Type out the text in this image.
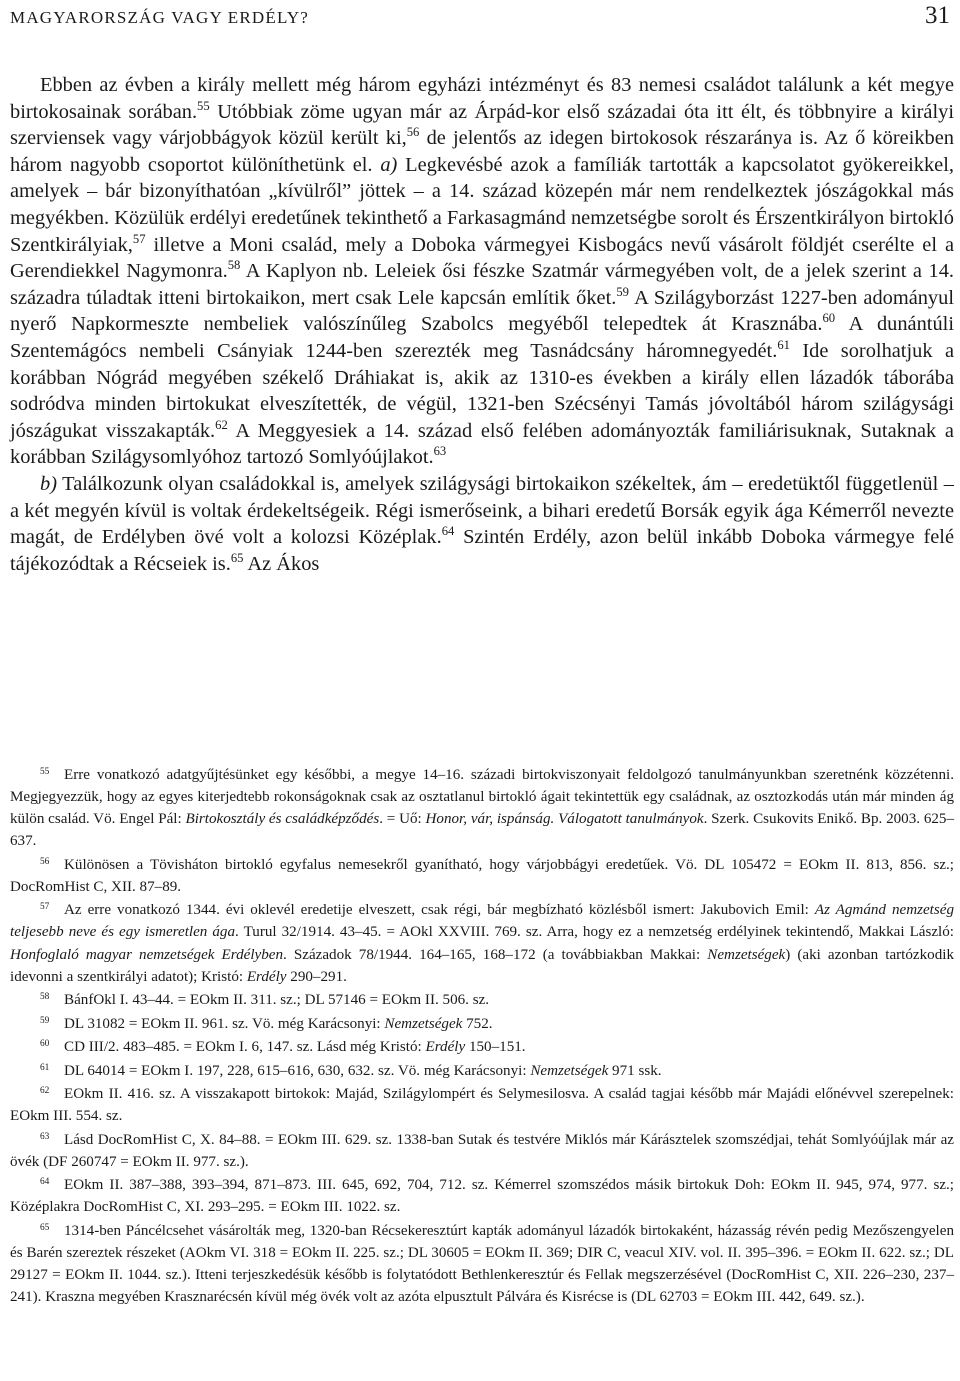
MAGYARORSZÁG VAGY ERDÉLY?	31

Ebben az évben a király mellett még három egyházi intézményt és 83 nemesi családot találunk a két megye birtokosainak sorában.$^{55}$ Utóbbiak zöme ugyan már az Árpád-kor első százаdai óta itt élt, és többnyire a királyi szerviensek vagy várjobbágyok közül került ki,$^{56}$ de jelentős az idegen birtokosok részaránya is. Az ő köreikben három nagyobb csoportot különíthetünk el. a) Legkevésbé azok a famíliák tartották a kapcsolatot gyökereikkel, amelyek – bár bizonyíthatóan „kívülről” jöttek – a 14. század közepén már nem rendelkeztek jószágokkal más megyékben. Közülük erdélyi eredetűnek tekinthető a Farkasagmánd nemzetségbe sorolt és Érszentkirályon birtokló Szentkirályiak,$^{57}$ illetve a Moni család, mely a Doboka vármegyei Kisbogács nevű vásárolt földjét cserélte el a Gerendiekkel Nagymonra.$^{58}$ A Kaplyon nb. Leleiek ősi fészke Szatmár vármegyében volt, de a jelek szerint a 14. századra túladtak itteni birtokaikon, mert csak Lele kapcsán említik őket.$^{59}$ A Szilágyborzást 1227-ben adományul nyerő Napkormeszte nembeliek valószínűleg Szabolcs megyéből telepedtek át Krasznába.$^{60}$ A dunántúli Szentemágócs nembeli Csányiak 1244-ben szerezték meg Tasnádcsány háromnegyedét.$^{61}$ Ide sorolhatjuk a korábban Nógrád megyében székelő Dráhiakat is, akik az 1310-es években a király ellen lázadók táborába sodródva minden birtokukat elveszítették, de végül, 1321-ben Szécsényi Tamás jóvoltából három szilágysági jószágukat visszakapták.$^{62}$ A Meggyesiek a 14. század első felében adományozták familiárisuknak, Sutaknak a korábban Szilágysomlyóhoz tartozó Somlyóújlakot.$^{63}$

b) Találkozunk olyan családokkal is, amelyek szilágysági birtokaikon székeltek, ám – eredetüktől függetlenül – a két megyén kívül is voltak érdekeltségeik. Régi ismerőseink, a bihari eredetű Borsák egyik ága Kémerről nevezte magát, de Erdélyben övé volt a kolozsi Középlak.$^{64}$ Szintén Erdély, azon belül inkább Doboka vármegye felé tájékozódtak a Récseiek is.$^{65}$ Az Ákos

$^{55}$ Erre vonatkozó adatgyűjtésünket egy későbbi, a megye 14–16. századi birtokviszonyait feldolgozó tanulmányunkban szeretnénk közzétenni. Megjegyezzük, hogy az egyes kiterjedtebb rokonságoknak csak az osztatlanul birtokló ágait tekintettük egy családnak, az osztozkodás után már minden ág külön család. Vö. Engel Pál: Birtokosztály és családképződés. = Uő: Honor, vár, ispánság. Válogatott tanulmányok. Szerk. Csukovits Enikő. Bp. 2003. 625–637.

$^{56}$ Különösen a Tövisháton birtokló egyfalus nemesekről gyanítható, hogy várjobbágyi eredetűek. Vö. DL 105472 = EOkm II. 813, 856. sz.; DocRomHist C, XII. 87–89.

$^{57}$ Az erre vonatkozó 1344. évi oklevél eredetije elveszett, csak régi, bár megbízható közlésből ismert: Jakubovich Emil: Az Agmánd nemzetség teljesebb neve és egy ismeretlen ága. Turul 32/1914. 43–45. = AOkl XXVIII. 769. sz. Arra, hogy ez a nemzetség erdélyinek tekintendő, Makkai László: Honfoglaló magyar nemzetségek Erdélyben. Századok 78/1944. 164–165, 168–172 (a továbbiakban Makkai: Nemzetségek) (aki azonban tartózkodik idevonni a szentkirályi adatot); Kristó: Erdély 290–291.

$^{58}$ BánfOkl I. 43–44. = EOkm II. 311. sz.; DL 57146 = EOkm II. 506. sz.

$^{59}$ DL 31082 = EOkm II. 961. sz. Vö. még Karácsonyi: Nemzetségek 752.

$^{60}$ CD III/2. 483–485. = EOkm I. 6, 147. sz. Lásd még Kristó: Erdély 150–151.

$^{61}$ DL 64014 = EOkm I. 197, 228, 615–616, 630, 632. sz. Vö. még Karácsonyi: Nemzetségek 971 ssk.

$^{62}$ EOkm II. 416. sz. A visszakapott birtokok: Majád, Szilágylompért és Selymesilosva. A család tagjai később már Majádi előnévvel szerepelnek: EOkm III. 554. sz.

$^{63}$ Lásd DocRomHist C, X. 84–88. = EOkm III. 629. sz. 1338-ban Sutak és testvére Miklós már Kárásztelek szomszédjai, tehát Somlyóújlak már az övék (DF 260747 = EOkm II. 977. sz.).

$^{64}$ EOkm II. 387–388, 393–394, 871–873. III. 645, 692, 704, 712. sz. Kémerrel szomszédos másik birtokuk Doh: EOkm II. 945, 974, 977. sz.; Középlakra DocRomHist C, XI. 293–295. = EOkm III. 1022. sz.

$^{65}$ 1314-ben Páncélcsehet vásárolták meg, 1320-ban Récsekeresztúrt kapták adományul lázadók birtokaként, házasság révén pedig Mezőszengyelen és Barén szereztek részeket (AOkm VI. 318 = EOkm II. 225. sz.; DL 30605 = EOkm II. 369; DIR C, veacul XIV. vol. II. 395–396. = EOkm II. 622. sz.; DL 29127 = EOkm II. 1044. sz.). Itteni terjeszkedésük később is folytatódott Bethlenkeresztúr és Fellak megszerzésével (DocRomHist C, XII. 226–230, 237–241). Kraszna megyében Krasznarécsén kívül még övék volt az azóta elpusztult Pálvára és Kisrécse is (DL 62703 = EOkm III. 442, 649. sz.).
